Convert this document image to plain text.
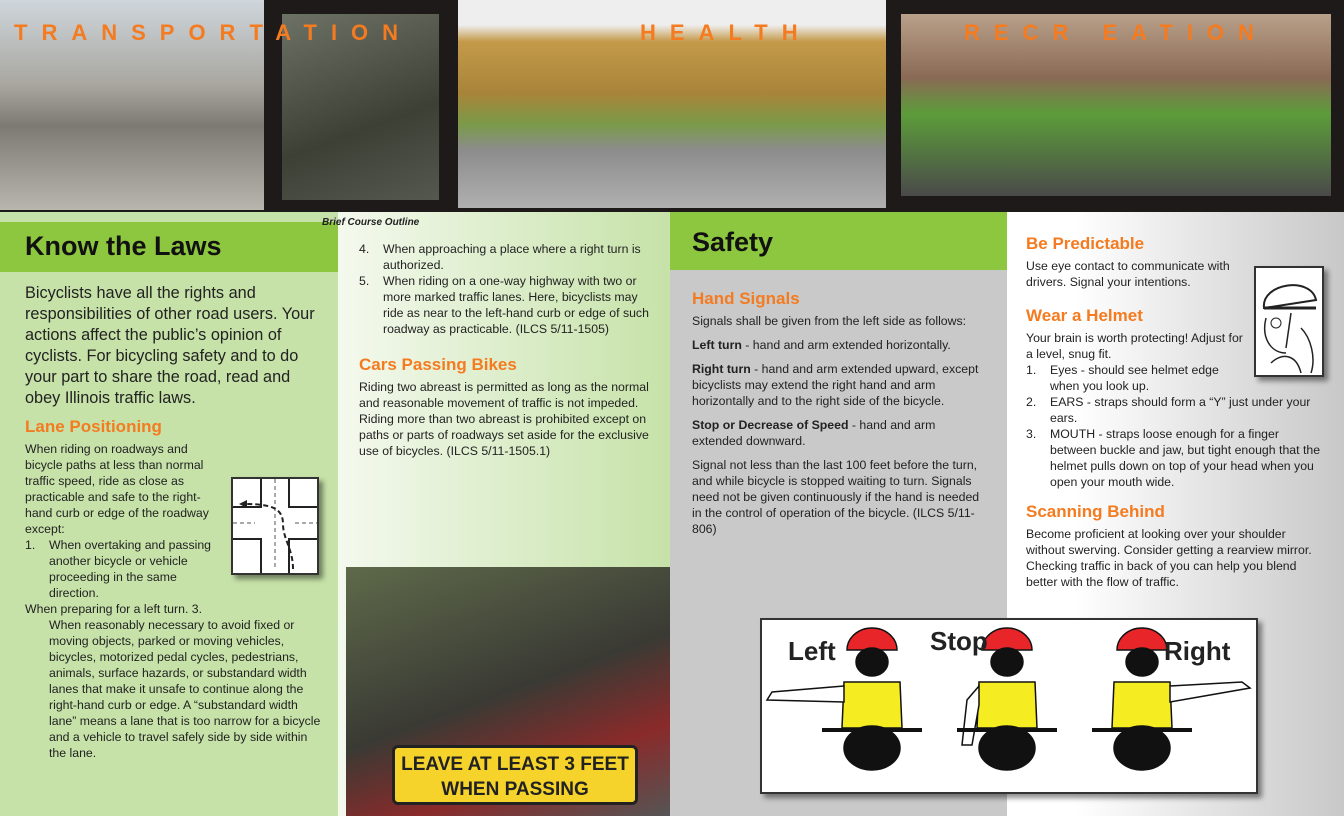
TRANSPORTATION	HEALTH	RECR EATION
Know the Laws

Bicyclists have all the rights and responsibilities of other road users. Your actions affect the public’s opinion of cyclists. For bicycling safety and to do your part to share the road, read and obey Illinois traffic laws.

Lane Positioning

When riding on roadways and bicycle paths at less than normal traffic speed, ride as close as practicable and safe to the right-hand curb or edge of the roadway except:

1. When overtaking and passing another bicycle or vehicle proceeding in the same direction.
When preparing for a left turn. 3.
When reasonably necessary to avoid fixed or moving objects, parked or moving vehicles, bicycles, motorized pedal cycles, pedestrians, animals, surface hazards, or substandard width lanes that make it unsafe to continue along the right-hand curb or edge. A “substandard width lane” means a lane that is too narrow for a bicycle and a vehicle to travel safely side by side within the lane.
Brief Course Outline
4. When approaching a place where a right turn is authorized.
5. When riding on a one-way highway with two or more marked traffic lanes. Here, bicyclists may ride as near to the left-hand curb or edge of such roadway as practicable. (ILCS 5/11-1505)
Cars Passing Bikes

Riding two abreast is permitted as long as the normal and reasonable movement of traffic is not impeded. Riding more than two abreast is prohibited except on paths or parts of roadways set aside for the exclusive use of bicycles. (ILCS 5/11-1505.1)

LEAVE AT LEAST 3 FEET
WHEN PASSING
Safety
Hand Signals

Signals shall be given from the left side as follows:

Left turn - hand and arm extended horizontally.

Right turn - hand and arm extended upward, except bicyclists may extend the right hand and arm horizontally and to the right side of the bicycle.

Stop or Decrease of Speed - hand and arm extended downward.

Signal not less than the last 100 feet before the turn, and while bicycle is stopped waiting to turn. Signals need not be given continuously if the hand is needed in the control of operation of the bicycle. (ILCS 5/11-806)

Be Predictable

Use eye contact to communicate with drivers. Signal your intentions.

Wear a Helmet

Your brain is worth protecting! Adjust for a level, snug fit.

1. Eyes - should see helmet edge when you look up.
2. EARS - straps should form a “Y” just under your ears.
3. MOUTH - straps loose enough for a finger between buckle and jaw, but tight enough that the helmet pulls down on top of your head when you open your mouth wide.
Scanning Behind

Become proficient at looking over your shoulder without swerving. Consider getting a rearview mirror. Checking traffic in back of you can help you blend better with the flow of traffic.

Left	Stop	Right
